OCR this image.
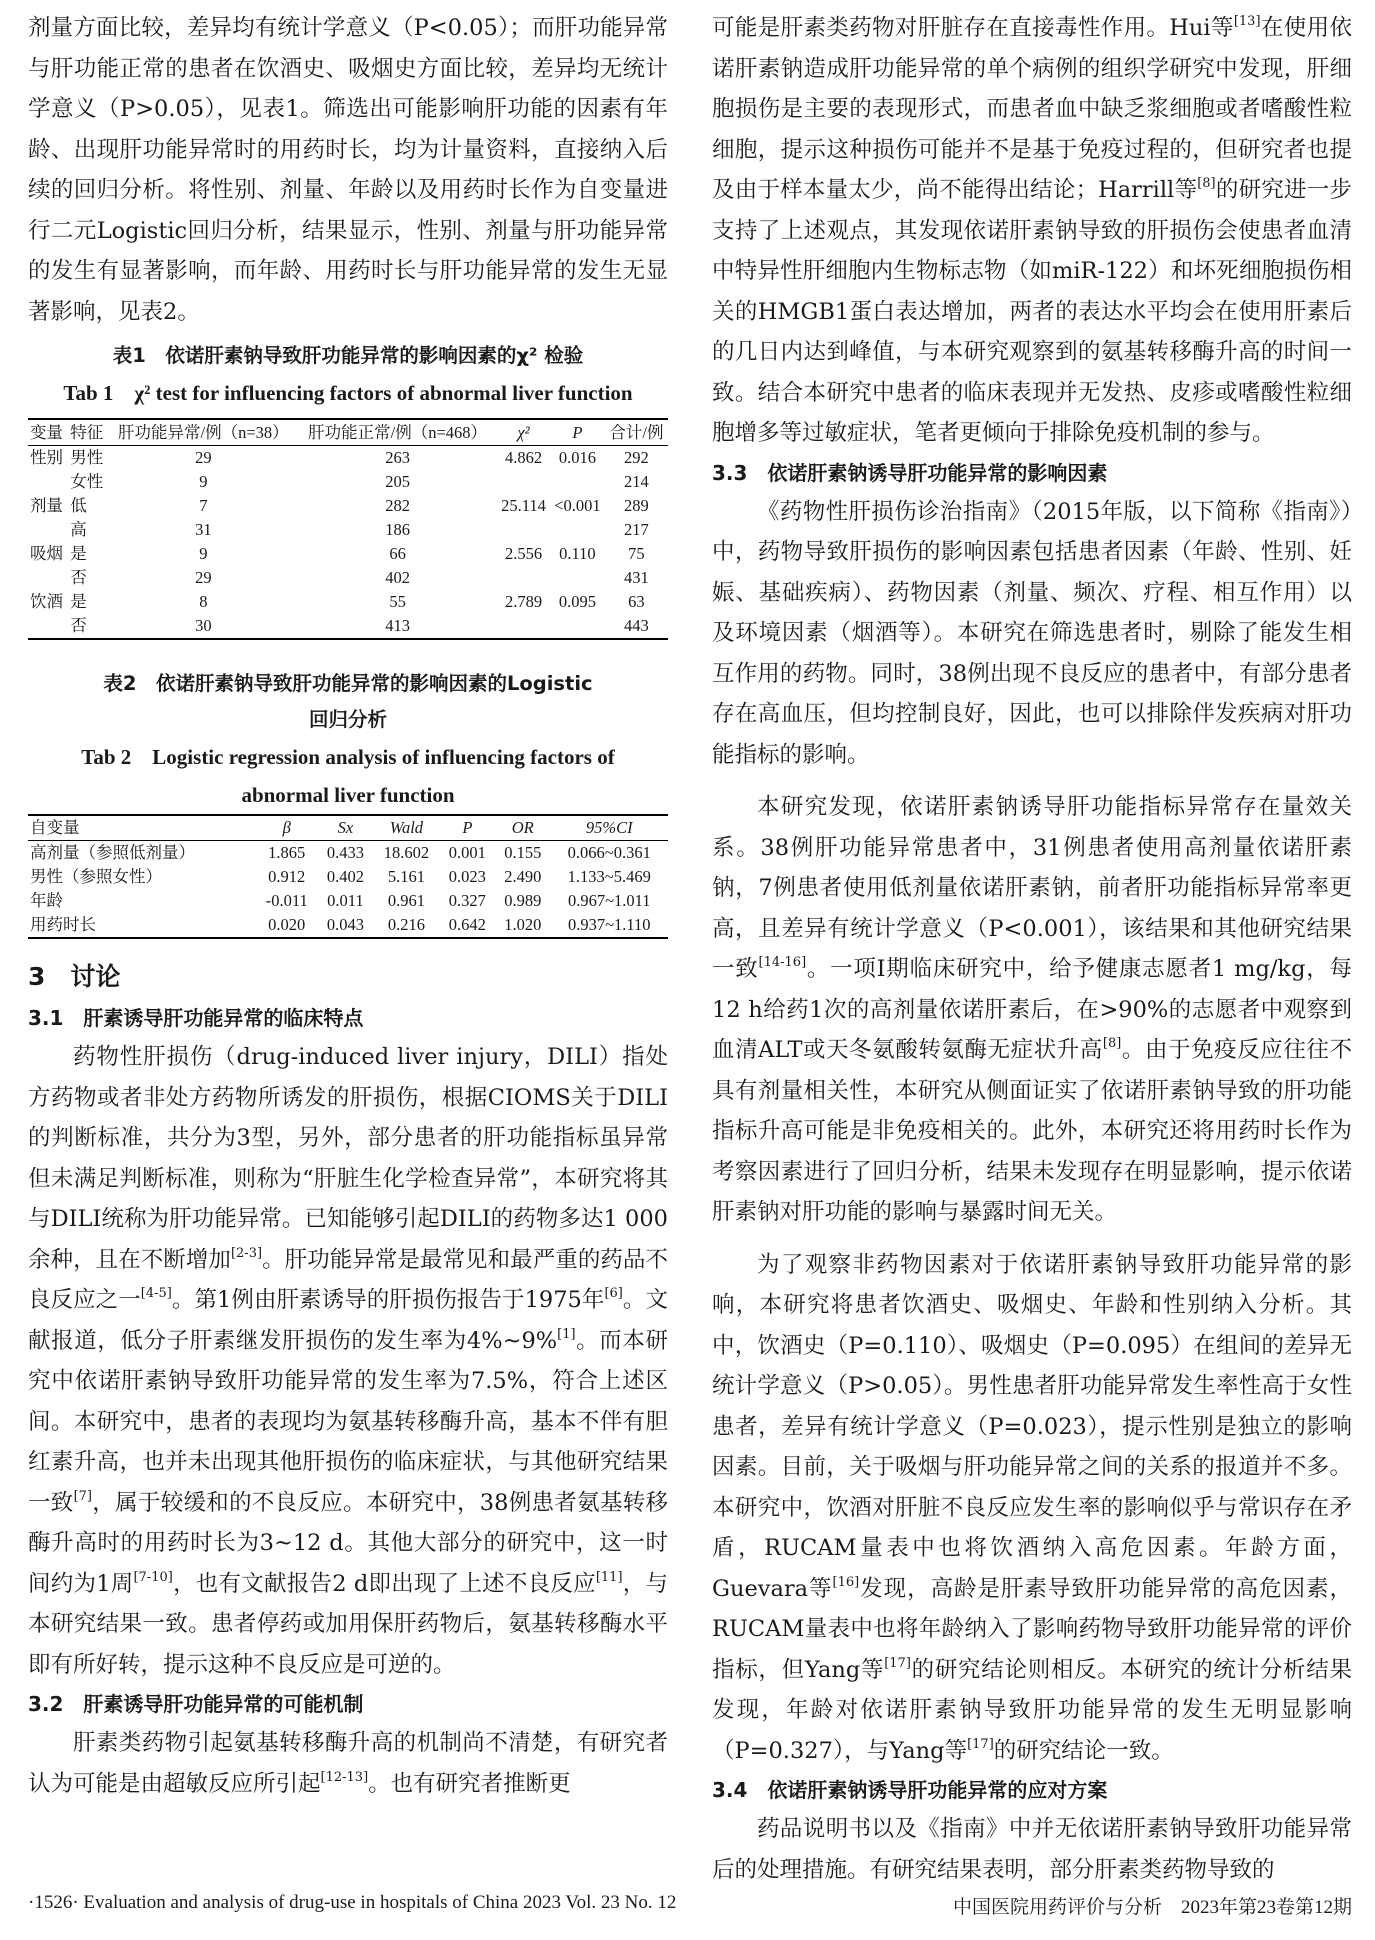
剂量方面比较，差异均有统计学意义（P<0.05）；而肝功能异常与肝功能正常的患者在饮酒史、吸烟史方面比较，差异均无统计学意义（P>0.05），见表1。筛选出可能影响肝功能的因素有年龄、出现肝功能异常时的用药时长，均为计量资料，直接纳入后续的回归分析。将性别、剂量、年龄以及用药时长作为自变量进行二元Logistic回归分析，结果显示，性别、剂量与肝功能异常的发生有显著影响，而年龄、用药时长与肝功能异常的发生无显著影响，见表2。

表1　依诺肝素钠导致肝功能异常的影响因素的χ² 检验
Tab 1　χ² test for influencing factors of abnormal liver function
变量	特征	肝功能异常/例（n=38）	肝功能正常/例（n=468）	χ²	P	合计/例
性别	男性	29	263	4.862	0.016	292
	女性	9	205			214
剂量	低	7	282	25.114	<0.001	289
	高	31	186			217
吸烟	是	9	66	2.556	0.110	75
	否	29	402			431
饮酒	是	8	55	2.789	0.095	63
	否	30	413			443
表2　依诺肝素钠导致肝功能异常的影响因素的Logistic
回归分析
Tab 2　Logistic regression analysis of influencing factors of
abnormal liver function
自变量	β	Sx	Wald	P	OR	95%CI
高剂量（参照低剂量）	1.865	0.433	18.602	0.001	0.155	0.066~0.361
男性（参照女性）	0.912	0.402	5.161	0.023	2.490	1.133~5.469
年龄	-0.011	0.011	0.961	0.327	0.989	0.967~1.011
用药时长	0.020	0.043	0.216	0.642	1.020	0.937~1.110
3　讨论
3.1　肝素诱导肝功能异常的临床特点

药物性肝损伤（drug-induced liver injury，DILI）指处方药物或者非处方药物所诱发的肝损伤，根据CIOMS关于DILI的判断标准，共分为3型，另外，部分患者的肝功能指标虽异常但未满足判断标准，则称为“肝脏生化学检查异常”，本研究将其与DILI统称为肝功能异常。已知能够引起DILI的药物多达1 000余种，且在不断增加[2-3]。肝功能异常是最常见和最严重的药品不良反应之一[4-5]。第1例由肝素诱导的肝损伤报告于1975年[6]。文献报道，低分子肝素继发肝损伤的发生率为4%~9%[1]。而本研究中依诺肝素钠导致肝功能异常的发生率为7.5%，符合上述区间。本研究中，患者的表现均为氨基转移酶升高，基本不伴有胆红素升高，也并未出现其他肝损伤的临床症状，与其他研究结果一致[7]，属于较缓和的不良反应。本研究中，38例患者氨基转移酶升高时的用药时长为3~12 d。其他大部分的研究中，这一时间约为1周[7-10]，也有文献报告2 d即出现了上述不良反应[11]，与本研究结果一致。患者停药或加用保肝药物后，氨基转移酶水平即有所好转，提示这种不良反应是可逆的。

3.2　肝素诱导肝功能异常的可能机制

肝素类药物引起氨基转移酶升高的机制尚不清楚，有研究者认为可能是由超敏反应所引起[12-13]。也有研究者推断更

可能是肝素类药物对肝脏存在直接毒性作用。Hui等[13]在使用依诺肝素钠造成肝功能异常的单个病例的组织学研究中发现，肝细胞损伤是主要的表现形式，而患者血中缺乏浆细胞或者嗜酸性粒细胞，提示这种损伤可能并不是基于免疫过程的，但研究者也提及由于样本量太少，尚不能得出结论；Harrill等[8]的研究进一步支持了上述观点，其发现依诺肝素钠导致的肝损伤会使患者血清中特异性肝细胞内生物标志物（如miR-122）和坏死细胞损伤相关的HMGB1蛋白表达增加，两者的表达水平均会在使用肝素后的几日内达到峰值，与本研究观察到的氨基转移酶升高的时间一致。结合本研究中患者的临床表现并无发热、皮疹或嗜酸性粒细胞增多等过敏症状，笔者更倾向于排除免疫机制的参与。

3.3　依诺肝素钠诱导肝功能异常的影响因素

《药物性肝损伤诊治指南》（2015年版，以下简称《指南》）中，药物导致肝损伤的影响因素包括患者因素（年龄、性别、妊娠、基础疾病）、药物因素（剂量、频次、疗程、相互作用）以及环境因素（烟酒等）。本研究在筛选患者时，剔除了能发生相互作用的药物。同时，38例出现不良反应的患者中，有部分患者存在高血压，但均控制良好，因此，也可以排除伴发疾病对肝功能指标的影响。

本研究发现，依诺肝素钠诱导肝功能指标异常存在量效关系。38例肝功能异常患者中，31例患者使用高剂量依诺肝素钠，7例患者使用低剂量依诺肝素钠，前者肝功能指标异常率更高，且差异有统计学意义（P<0.001），该结果和其他研究结果一致[14-16]。一项Ⅰ期临床研究中，给予健康志愿者1 mg/kg，每12 h给药1次的高剂量依诺肝素后，在>90%的志愿者中观察到血清ALT或天冬氨酸转氨酶无症状升高[8]。由于免疫反应往往不具有剂量相关性，本研究从侧面证实了依诺肝素钠导致的肝功能指标升高可能是非免疫相关的。此外，本研究还将用药时长作为考察因素进行了回归分析，结果未发现存在明显影响，提示依诺肝素钠对肝功能的影响与暴露时间无关。

为了观察非药物因素对于依诺肝素钠导致肝功能异常的影响，本研究将患者饮酒史、吸烟史、年龄和性别纳入分析。其中，饮酒史（P=0.110）、吸烟史（P=0.095）在组间的差异无统计学意义（P>0.05）。男性患者肝功能异常发生率性高于女性患者，差异有统计学意义（P=0.023），提示性别是独立的影响因素。目前，关于吸烟与肝功能异常之间的关系的报道并不多。本研究中，饮酒对肝脏不良反应发生率的影响似乎与常识存在矛盾，RUCAM量表中也将饮酒纳入高危因素。年龄方面，Guevara等[16]发现，高龄是肝素导致肝功能异常的高危因素，RUCAM量表中也将年龄纳入了影响药物导致肝功能异常的评价指标，但Yang等[17]的研究结论则相反。本研究的统计分析结果发现，年龄对依诺肝素钠导致肝功能异常的发生无明显影响（P=0.327），与Yang等[17]的研究结论一致。

3.4　依诺肝素钠诱导肝功能异常的应对方案

药品说明书以及《指南》中并无依诺肝素钠导致肝功能异常后的处理措施。有研究结果表明，部分肝素类药物导致的

·1526· Evaluation and analysis of drug-use in hospitals of China 2023 Vol. 23 No. 12	中国医院用药评价与分析　2023年第23卷第12期
